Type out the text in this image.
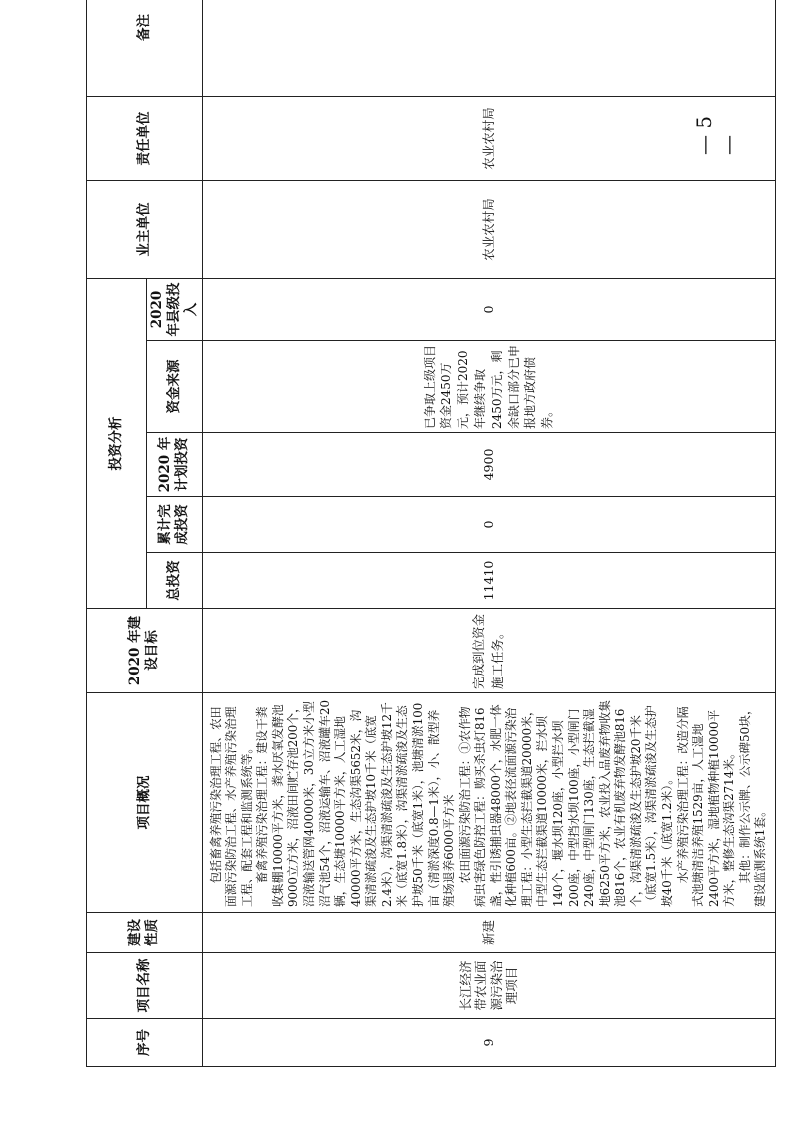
序号	项目名称	建设性质	项目概况	2020 年建设目标	投资分析					业主单位	责任单位	备注
					总投资	累计完成投资	2020 年计划投资	资金来源	2020 年县级投入			
9	长江经济带农业面源污染治理项目	新建	包括畜禽养殖污染治理工程、农田面源污染防治工程、水产养殖污染治理工程、配套工程和监测系统等。 畜禽养殖污染治理工程：建设干粪收集棚10000平方米，粪水厌氧发酵池9000立方米，沼液田间贮存池200个，沼液输送管网40000米，30立方米小型沼气池54个，沼液运输车、沼液罐车20辆，生态塘10000平方米，人工湿地40000平方米，生态沟渠5652米，沟渠清淤疏浚及生态护坡10千米（底宽2.4米），沟渠清淤疏浚及生态护坡12千米（底宽1.8米），沟渠清淤疏浚及生态护坡50千米（底宽1米），池塘清淤100亩（清淤深度0.8—1米），小、散型养殖场退养6000平方米 农田面源污染防治工程：①农作物病虫害绿色防控工程：购买杀虫灯816盏，性引诱捕虫器48000个，水肥一体化种植600亩。②地表径流面源污染治理工程：小型生态拦截渠道20000米，中型生态拦截渠道10000米，拦水坝140个，堰水坝120座，小型拦水坝200座，中型挡水坝100座，小型闸门240座，中型闸门130座，生态拦截湿地6250平方米，农业投入品废弃物收集池816个，农业有机废弃物发酵池816个，沟渠清淤疏浚及生态护坡20千米（底宽1.5米），沟渠清淤疏浚及生态护坡40千米（底宽1.2米）。 水产养殖污染治理工程：改造分隔式池塘清洁养殖1529亩，人工湿地2400平方米，湿地植物种植10000平方米，整修生态沟渠2714米。 其他：制作公示牌、公示碑50块，建设监测系统1套。	完成到位资金施工任务。	11410	0	4900	已争取上级项目资金2450万元，预计2020年继续争取2450万元，剩余缺口部分已申报地方政府债券。	0	农业农村局	农业农村局		— 5 —
